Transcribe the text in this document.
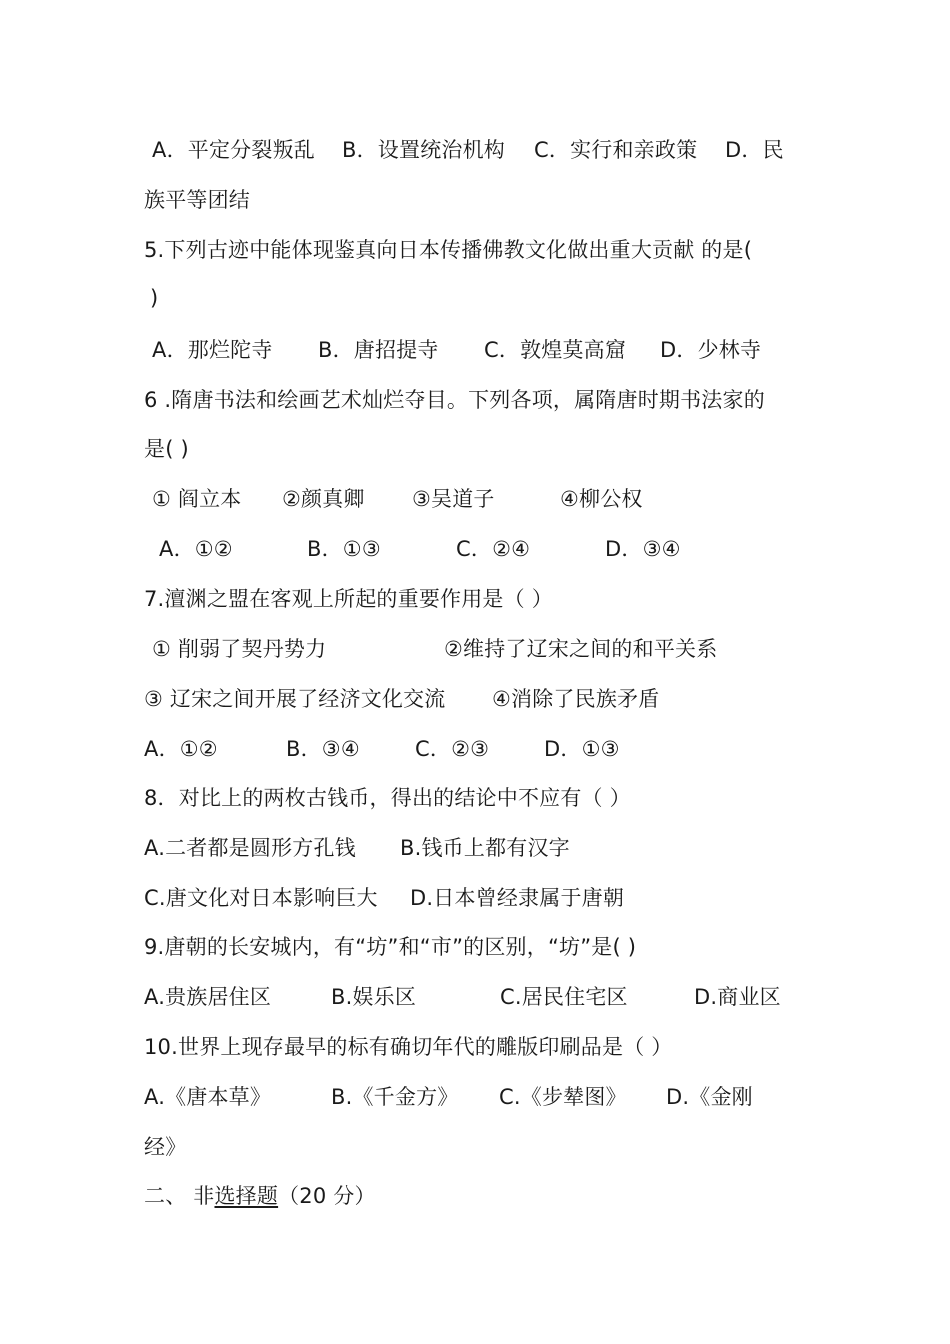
A．平定分裂叛乱 B．设置统治机构 C．实行和亲政策 D．民
族平等团结
5.下列古迹中能体现鉴真向日本传播佛教文化做出重大贡献 的是(
)
A．那烂陀寺 B．唐招提寺 C．敦煌莫高窟 D．少林寺
6 .隋唐书法和绘画艺术灿烂夺目。下列各项，属隋唐时期书法家的
是( )
① 阎立本 ②颜真卿 ③吴道子	④柳公权
A．①②	B．①③	C．②④	D．③④
7.澶渊之盟在客观上所起的重要作用是（ ）
① 削弱了契丹势力	②维持了辽宋之间的和平关系
③ 辽宋之间开展了经济文化交流 ④消除了民族矛盾
A．①②	B．③④	C．②③	D．①③
8．对比上的两枚古钱币，得出的结论中不应有（ ）
A.二者都是圆形方孔钱 B.钱币上都有汉字
C.唐文化对日本影响巨大 D.日本曾经隶属于唐朝
9.唐朝的长安城内，有“坊”和“市”的区别，“坊”是( )
A.贵族居住区	B.娱乐区	C.居民住宅区	D.商业区
10.世界上现存最早的标有确切年代的雕版印刷品是（ ）
A.《唐本草》	B.《千金方》 C.《步辇图》 D.《金刚
经》
二、 非选择题（20 分）
